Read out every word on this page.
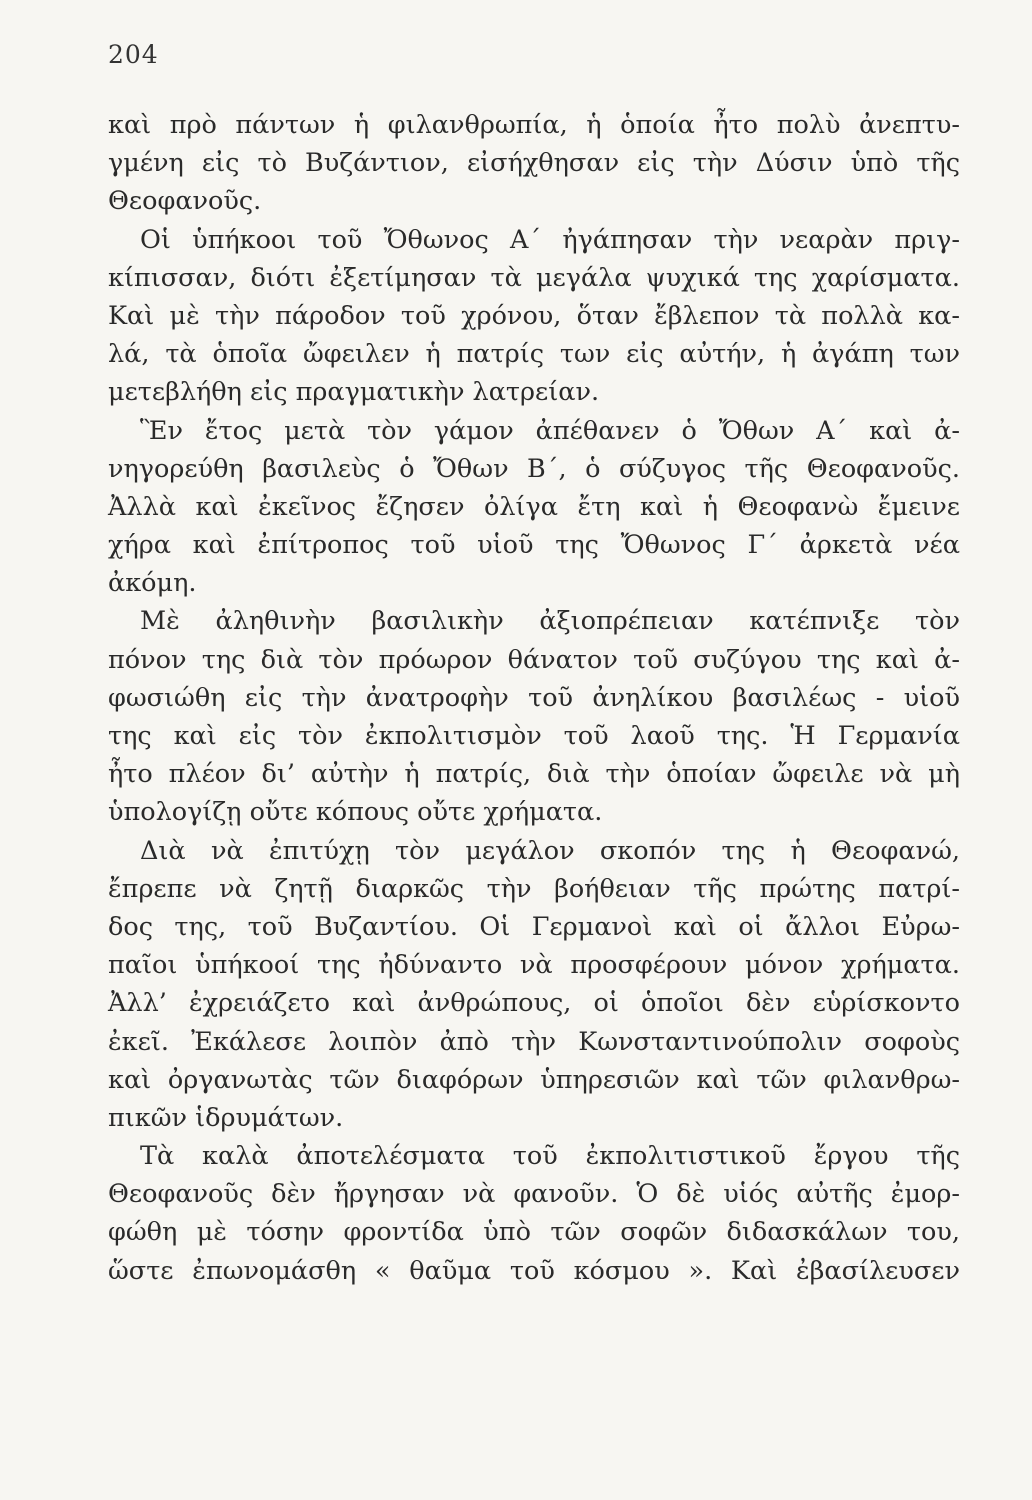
204
καὶ πρὸ πάντων ἡ φιλανθρωπία, ἡ ὁποία ἦτο πολὺ ἀνεπτυ-
γμένη εἰς τὸ Βυζάντιον, εἰσήχθησαν εἰς τὴν Δύσιν ὑπὸ τῆς
Θεοφανοῦς.
Οἱ ὑπήκοοι τοῦ Ὄθωνος Α΄ ἠγάπησαν τὴν νεαρὰν πριγ-
κίπισσαν, διότι ἐξετίμησαν τὰ μεγάλα ψυχικά της χαρίσματα.
Καὶ μὲ τὴν πάροδον τοῦ χρόνου, ὅταν ἔβλεπον τὰ πολλὰ κα-
λά, τὰ ὁποῖα ὤφειλεν ἡ πατρίς των εἰς αὐτήν, ἡ ἀγάπη των
μετεβλήθη εἰς πραγματικὴν λατρείαν.
Ἓν ἔτος μετὰ τὸν γάμον ἀπέθανεν ὁ Ὄθων Α΄ καὶ ἀ-
νηγορεύθη βασιλεὺς ὁ Ὄθων Β΄, ὁ σύζυγος τῆς Θεοφανοῦς.
Ἀλλὰ καὶ ἐκεῖνος ἔζησεν ὀλίγα ἔτη καὶ ἡ Θεοφανὼ ἔμεινε
χήρα καὶ ἐπίτροπος τοῦ υἱοῦ της Ὄθωνος Γ΄ ἀρκετὰ νέα
ἀκόμη.
Μὲ ἀληθινὴν βασιλικὴν ἀξιοπρέπειαν κατέπνιξε τὸν
πόνον της διὰ τὸν πρόωρον θάνατον τοῦ συζύγου της καὶ ἀ-
φωσιώθη εἰς τὴν ἀνατροφὴν τοῦ ἀνηλίκου βασιλέως - υἱοῦ
της καὶ εἰς τὸν ἐκπολιτισμὸν τοῦ λαοῦ της. Ἡ Γερμανία
ἦτο πλέον δι’ αὐτὴν ἡ πατρίς, διὰ τὴν ὁποίαν ὤφειλε νὰ μὴ
ὑπολογίζῃ οὔτε κόπους οὔτε χρήματα.
Διὰ νὰ ἐπιτύχῃ τὸν μεγάλον σκοπόν της ἡ Θεοφανώ,
ἔπρεπε νὰ ζητῇ διαρκῶς τὴν βοήθειαν τῆς πρώτης πατρί-
δος της, τοῦ Βυζαντίου. Οἱ Γερμανοὶ καὶ οἱ ἄλλοι Εὐρω-
παῖοι ὑπήκοοί της ἠδύναντο νὰ προσφέρουν μόνον χρήματα.
Ἀλλ’ ἐχρειάζετο καὶ ἀνθρώπους, οἱ ὁποῖοι δὲν εὑρίσκοντο
ἐκεῖ. Ἐκάλεσε λοιπὸν ἀπὸ τὴν Κωνσταντινούπολιν σοφοὺς
καὶ ὀργανωτὰς τῶν διαφόρων ὑπηρεσιῶν καὶ τῶν φιλανθρω-
πικῶν ἱδρυμάτων.
Τὰ καλὰ ἀποτελέσματα τοῦ ἐκπολιτιστικοῦ ἔργου τῆς
Θεοφανοῦς δὲν ἤργησαν νὰ φανοῦν. Ὁ δὲ υἱός αὐτῆς ἐμορ-
φώθη μὲ τόσην φροντίδα ὑπὸ τῶν σοφῶν διδασκάλων του,
ὥστε ἐπωνομάσθη « θαῦμα τοῦ κόσμου ». Καὶ ἐβασίλευσεν
